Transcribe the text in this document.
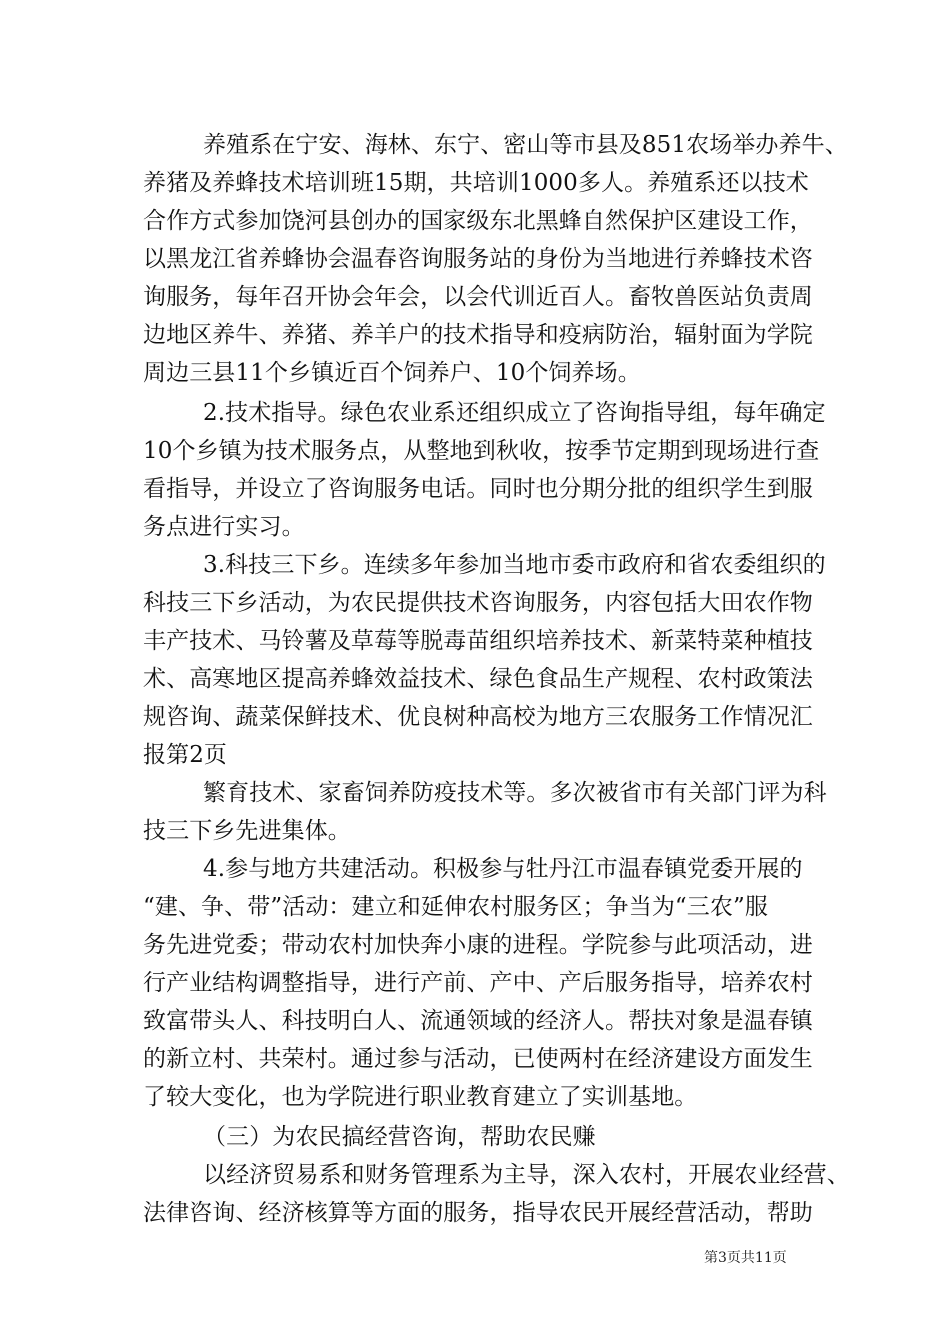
养殖系在宁安、海林、东宁、密山等市县及851农场举办养牛、
养猪及养蜂技术培训班15期，共培训1000多人。养殖系还以技术
合作方式参加饶河县创办的国家级东北黑蜂自然保护区建设工作，
以黑龙江省养蜂协会温春咨询服务站的身份为当地进行养蜂技术咨
询服务，每年召开协会年会，以会代训近百人。畜牧兽医站负责周
边地区养牛、养猪、养羊户的技术指导和疫病防治，辐射面为学院
周边三县11个乡镇近百个饲养户、10个饲养场。
2.技术指导。绿色农业系还组织成立了咨询指导组，每年确定
10个乡镇为技术服务点，从整地到秋收，按季节定期到现场进行查
看指导，并设立了咨询服务电话。同时也分期分批的组织学生到服
务点进行实习。
3.科技三下乡。连续多年参加当地市委市政府和省农委组织的
科技三下乡活动，为农民提供技术咨询服务，内容包括大田农作物
丰产技术、马铃薯及草莓等脱毒苗组织培养技术、新菜特菜种植技
术、高寒地区提高养蜂效益技术、绿色食品生产规程、农村政策法
规咨询、蔬菜保鲜技术、优良树种高校为地方三农服务工作情况汇
报第2页
繁育技术、家畜饲养防疫技术等。多次被省市有关部门评为科
技三下乡先进集体。
4.参与地方共建活动。积极参与牡丹江市温春镇党委开展的
“建、争、带”活动：建立和延伸农村服务区；争当为“三农”服
务先进党委；带动农村加快奔小康的进程。学院参与此项活动，进
行产业结构调整指导，进行产前、产中、产后服务指导，培养农村
致富带头人、科技明白人、流通领域的经济人。帮扶对象是温春镇
的新立村、共荣村。通过参与活动，已使两村在经济建设方面发生
了较大变化，也为学院进行职业教育建立了实训基地。
（三）为农民搞经营咨询，帮助农民赚
以经济贸易系和财务管理系为主导，深入农村，开展农业经营、
法律咨询、经济核算等方面的服务，指导农民开展经营活动，帮助
第3页共11页
